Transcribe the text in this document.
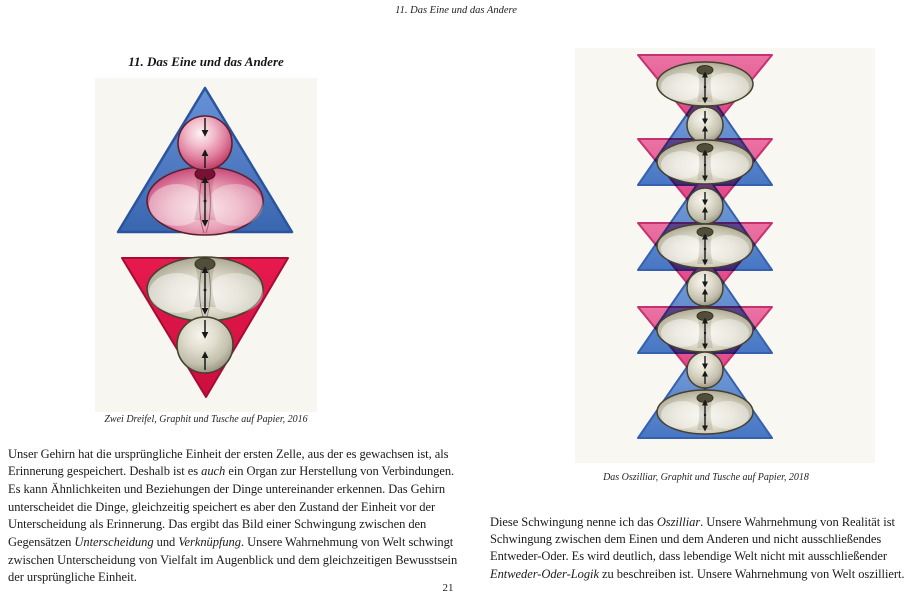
11. Das Eine und das Andere
11. Das Eine und das Andere
Zwei Dreifel, Graphit und Tusche auf Papier, 2016

Unser Gehirn hat die ursprüngliche Einheit der ersten Zelle, aus der es gewachsen ist, als Erinnerung gespeichert. Deshalb ist es auch ein Organ zur Herstellung von Verbindungen. Es kann Ähnlichkeiten und Beziehungen der Dinge untereinander erkennen. Das Gehirn unterscheidet die Dinge, gleichzeitig speichert es aber den Zustand der Einheit vor der Unterscheidung als Erinnerung. Das ergibt das Bild einer Schwingung zwischen den Gegensätzen Unterscheidung und Verknüpfung. Unsere Wahrnehmung von Welt schwingt zwischen Unterscheidung von Vielfalt im Augenblick und dem gleichzeitigen Bewusstsein der ursprüngliche Einheit.

Das Oszilliar, Graphit und Tusche auf Papier, 2018

Diese Schwingung nenne ich das Oszilliar. Unsere Wahrnehmung von Realität ist Schwingung zwischen dem Einen und dem Anderen und nicht ausschließendes Entweder-Oder. Es wird deutlich, dass lebendige Welt nicht mit ausschließender Entweder-Oder-Logik zu beschreiben ist. Unsere Wahrnehmung von Welt oszilliert.

21
